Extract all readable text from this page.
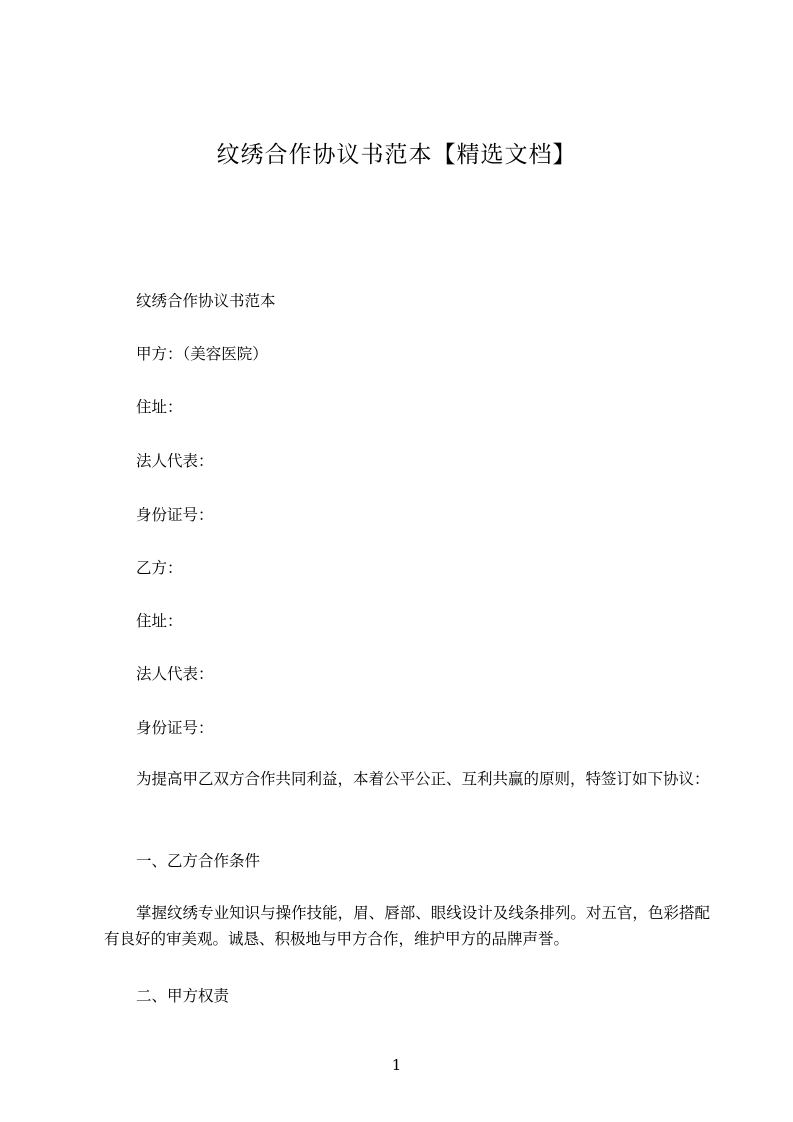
纹绣合作协议书范本【精选文档】
纹绣合作协议书范本
甲方：（美容医院）
住址：
法人代表：
身份证号：
乙方：
住址：
法人代表：
身份证号：
为提高甲乙双方合作共同利益，本着公平公正、互利共赢的原则，特签订如下协议：
一、乙方合作条件
掌握纹绣专业知识与操作技能，眉、唇部、眼线设计及线条排列。对五官，色彩搭配有良好的审美观。诚恳、积极地与甲方合作，维护甲方的品牌声誉。
二、甲方权责
1
